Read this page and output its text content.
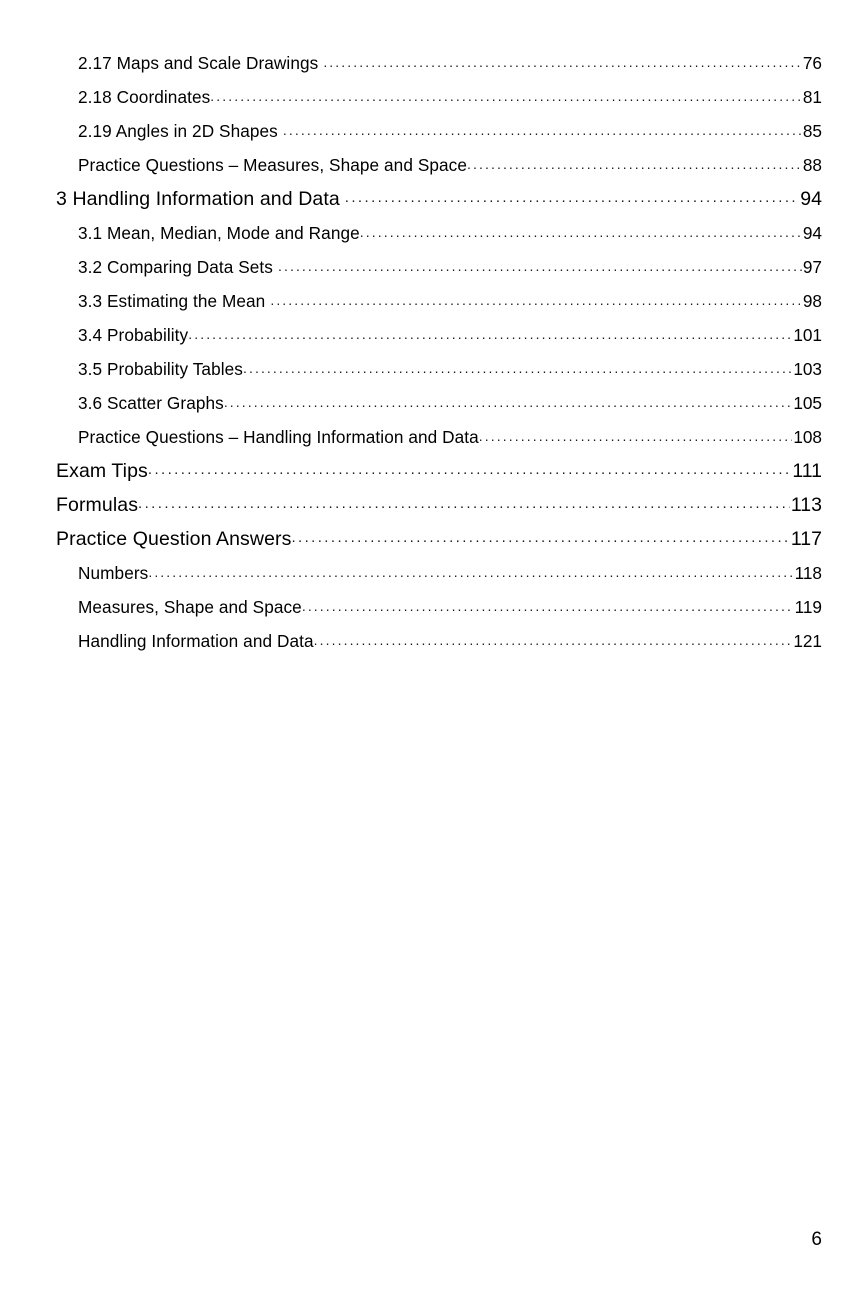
2.17 Maps and Scale Drawings .....	76
2.18 Coordinates .....	81
2.19 Angles in 2D Shapes .....	85
Practice Questions – Measures, Shape and Space .....	88
3 Handling Information and Data .....	94
3.1 Mean, Median, Mode and Range .....	94
3.2 Comparing Data Sets .....	97
3.3 Estimating the Mean .....	98
3.4 Probability .....	101
3.5 Probability Tables .....	103
3.6 Scatter Graphs .....	105
Practice Questions – Handling Information and Data .....	108
Exam Tips .....	111
Formulas .....	113
Practice Question Answers .....	117
Numbers .....	118
Measures, Shape and Space .....	119
Handling Information and Data .....	121
6
